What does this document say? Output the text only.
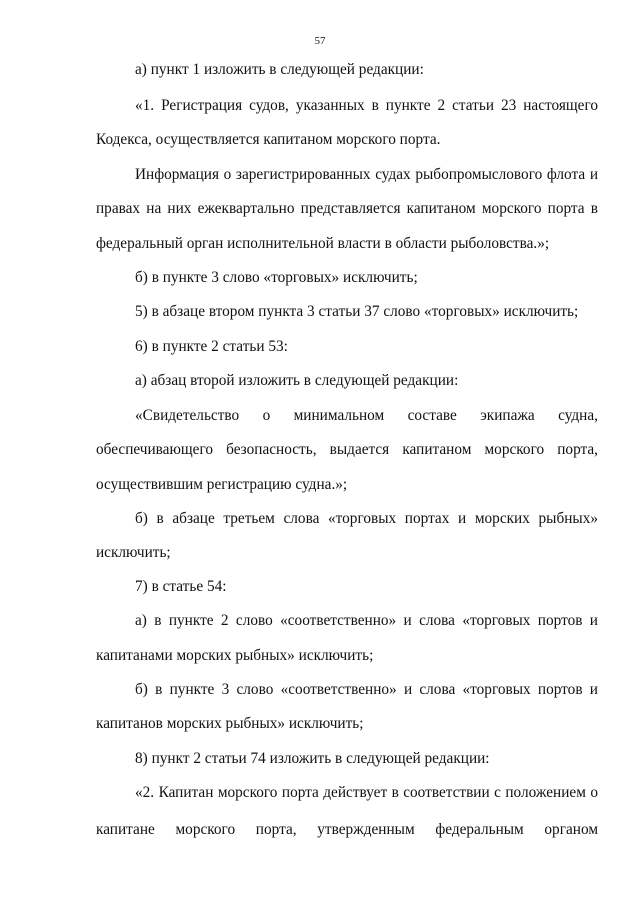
57
а) пункт 1 изложить в следующей редакции:
«1. Регистрация судов, указанных в пункте 2 статьи 23 настоящего
Кодекса, осуществляется капитаном морского порта.
Информация о зарегистрированных судах рыбопромыслового флота и
правах на них ежеквартально представляется капитаном морского порта в
федеральный орган исполнительной власти в области рыболовства.»;
б) в пункте 3 слово «торговых» исключить;
5) в абзаце втором пункта 3 статьи 37 слово «торговых» исключить;
6) в пункте 2 статьи 53:
а) абзац второй изложить в следующей редакции:
«Свидетельство о минимальном составе экипажа судна,
обеспечивающего безопасность, выдается капитаном морского порта,
осуществившим регистрацию судна.»;
б) в абзаце третьем слова «торговых портах и морских рыбных»
исключить;
7) в статье 54:
а) в пункте 2 слово «соответственно» и слова «торговых портов и
капитанами морских рыбных» исключить;
б) в пункте 3 слово «соответственно» и слова «торговых портов и
капитанов морских рыбных» исключить;
8) пункт 2 статьи 74 изложить в следующей редакции:
«2. Капитан морского порта действует в соответствии с положением о
капитане морского порта, утвержденным федеральным органом
